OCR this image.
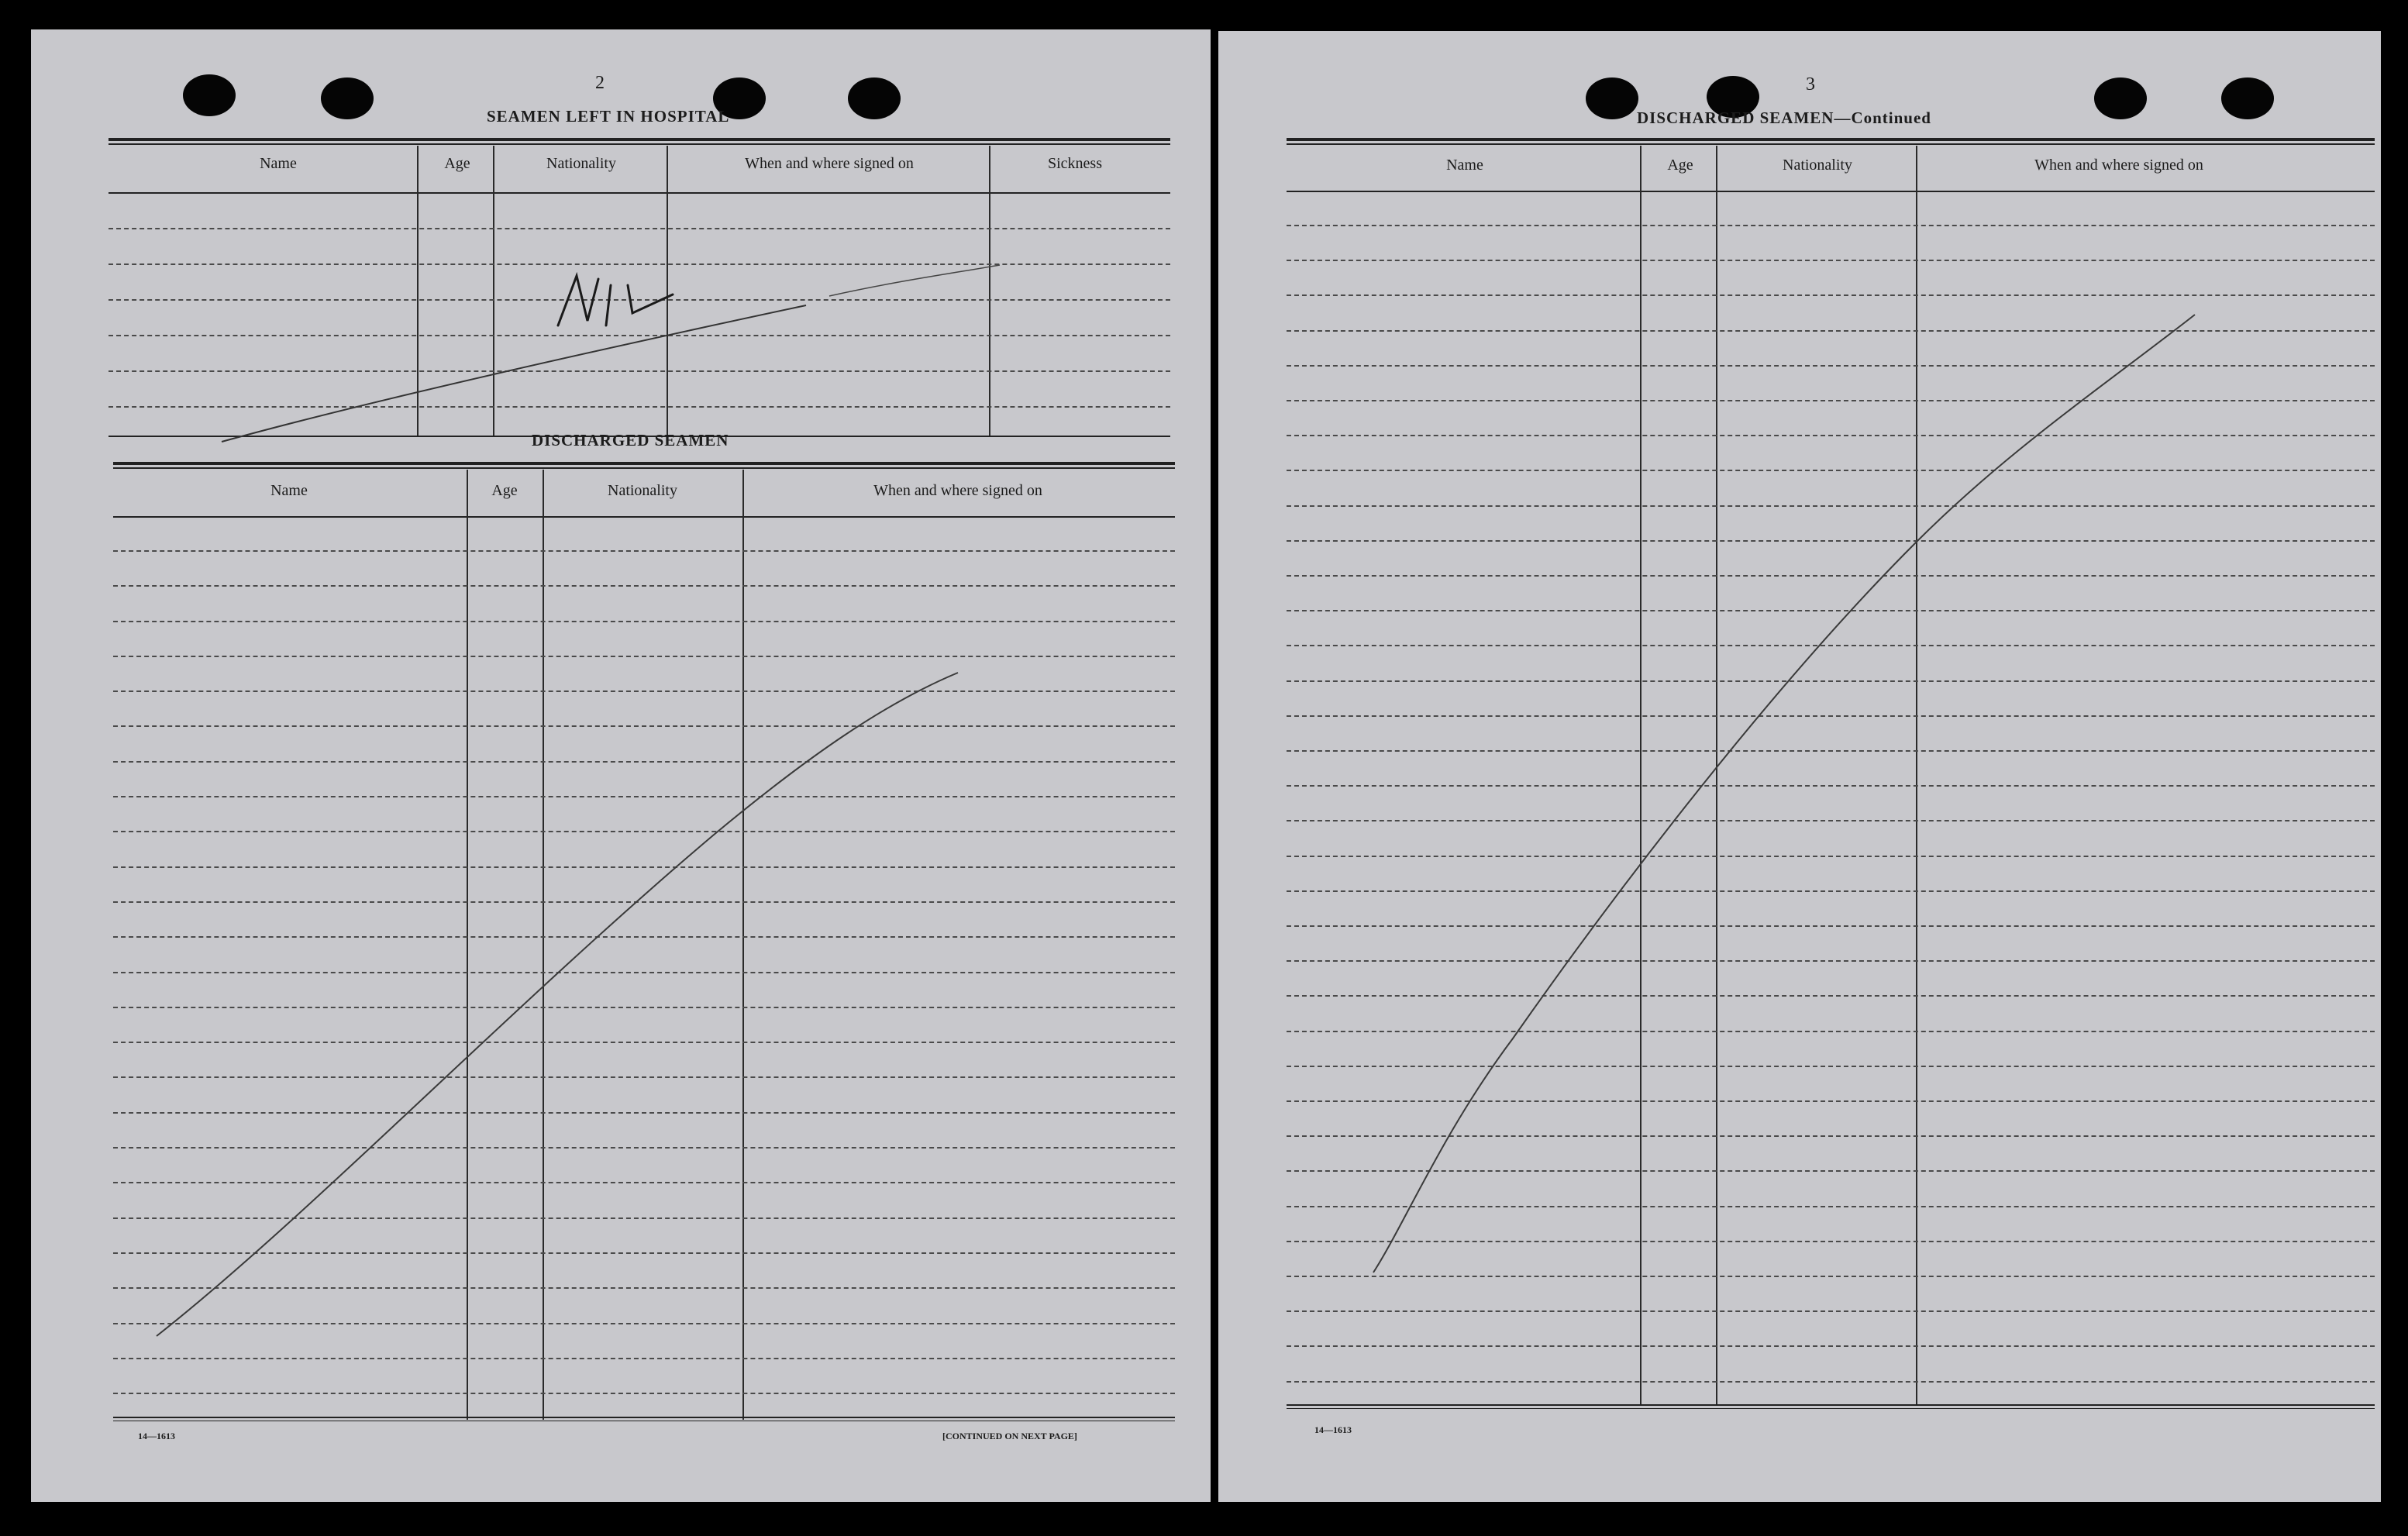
2
SEAMEN LEFT IN HOSPITAL
Name	Age	Nationality	When and where signed on	Sickness
DISCHARGED SEAMEN
Name	Age	Nationality	When and where signed on
14—1613	[CONTINUED ON NEXT PAGE]
3
DISCHARGED SEAMEN—Continued
Name	Age	Nationality	When and where signed on
14—1613
